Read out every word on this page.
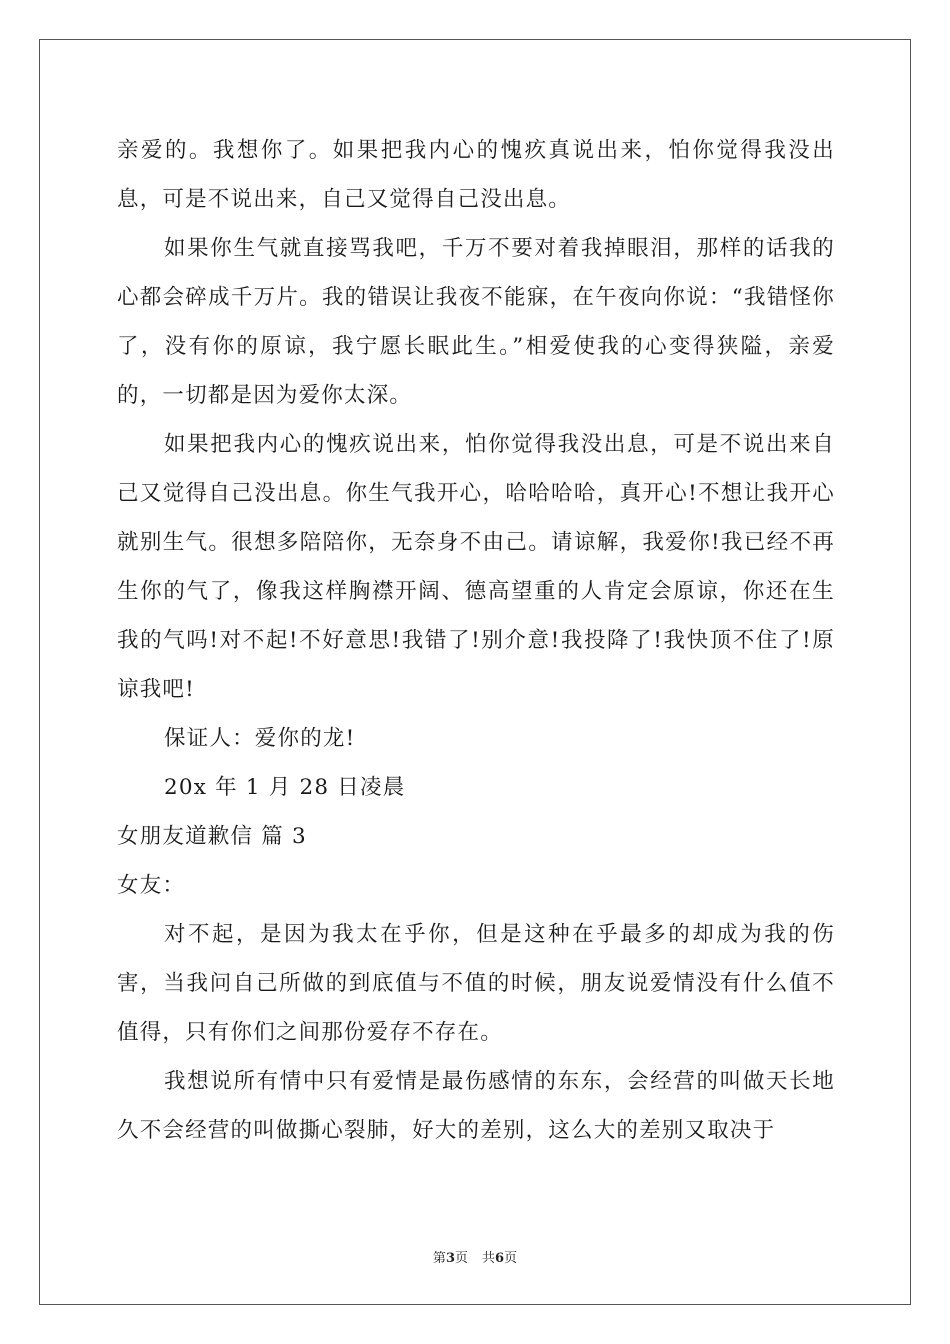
亲爱的。我想你了。如果把我内心的愧疚真说出来，怕你觉得我没出息，可是不说出来，自己又觉得自己没出息。

如果你生气就直接骂我吧，千万不要对着我掉眼泪，那样的话我的心都会碎成千万片。我的错误让我夜不能寐，在午夜向你说：“我错怪你了，没有你的原谅，我宁愿长眠此生。”相爱使我的心变得狭隘，亲爱的，一切都是因为爱你太深。

如果把我内心的愧疚说出来，怕你觉得我没出息，可是不说出来自己又觉得自己没出息。你生气我开心，哈哈哈哈，真开心!不想让我开心就别生气。很想多陪陪你，无奈身不由己。请谅解，我爱你!我已经不再生你的气了，像我这样胸襟开阔、德高望重的人肯定会原谅，你还在生我的气吗!对不起!不好意思!我错了!别介意!我投降了!我快顶不住了!原谅我吧!

保证人：爱你的龙!

20x 年 1 月 28 日凌晨

女朋友道歉信 篇 3

女友：

对不起，是因为我太在乎你，但是这种在乎最多的却成为我的伤害，当我问自己所做的到底值与不值的时候，朋友说爱情没有什么值不值得，只有你们之间那份爱存不存在。

我想说所有情中只有爱情是最伤感情的东东，会经营的叫做天长地久不会经营的叫做撕心裂肺，好大的差别，这么大的差别又取决于

第3页 共6页
